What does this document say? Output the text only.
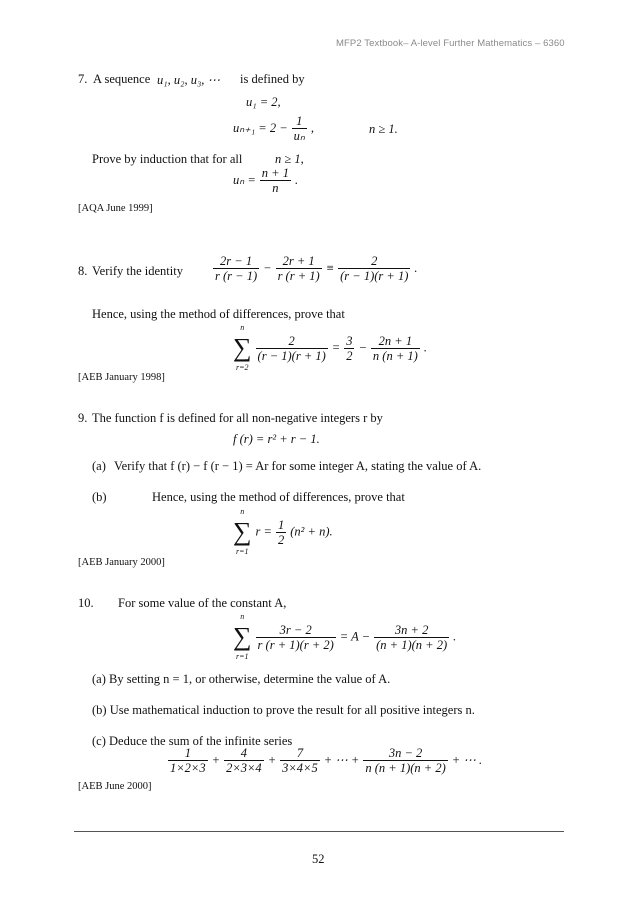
MFP2 Textbook– A-level Further Mathematics – 6360
7. A sequence u₁, u₂, u₃, ⋯ is defined by
u₁ = 2,
$u_{n+1} = 2 - \frac{1}{\text{uₙ}}$ ,	n ≥ 1.
Prove by induction that for all	n ≥ 1,
$u_n = \frac{n + 1}{n}$ .
[AQA June 1999]
8. Verify the identity $\frac{2r - 1}{r (r - 1)} - \frac{2r + 1}{r (r + 1)} \equiv \frac{2}{(r - 1)(r + 1)}$ .
Hence, using the method of differences, prove that
n
∑
r=2

$\frac{2}{(r - 1)(r + 1)} = \frac{3}{2} - \frac{2n + 1}{n (n + 1)}$ .
[AEB January 1998]
9. The function f is defined for all non-negative integers r by
f (r) = r² + r − 1.
(a) Verify that f (r) − f (r − 1) = Ar for some integer A, stating the value of A.
(b)	Hence, using the method of differences, prove that
n
∑
r=1
$r = \frac{1}{2} (n^2 + n)$.
[AEB January 2000]
10. For some value of the constant A,
n
∑
r=1

$\frac{3r - 2}{r (r + 1)(r + 2)} = A - \frac{3n + 2}{(n + 1)(n + 2)}$ .
(a) By setting n = 1, or otherwise, determine the value of A.
(b) Use mathematical induction to prove the result for all positive integers n.
(c) Deduce the sum of the infinite series
$\frac{1}{1\times 2\times 3} + \frac{4}{2\times 3\times 4} + \frac{7}{3\times 4\times 5}$ + ⋯ + $\frac{3n - 2}{n (n + 1)(n + 2)}$ + ⋯ .
[AEB June 2000]
52
